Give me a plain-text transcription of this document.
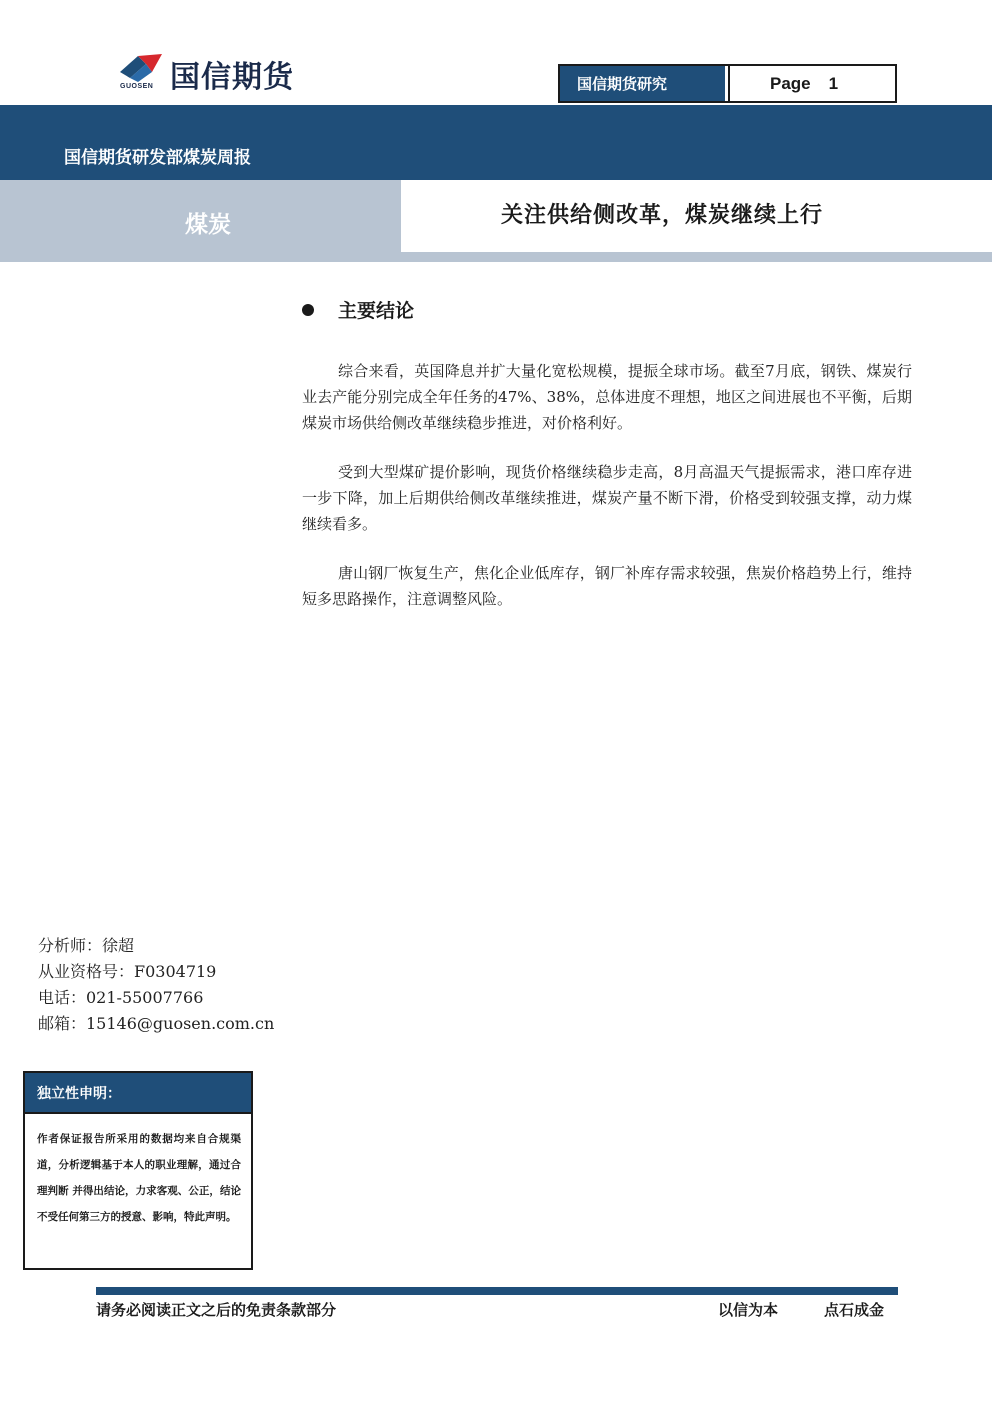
国信期货
GUOSEN	国信期货研究	Page 1
国信期货研发部煤炭周报
煤炭	关注供给侧改革，煤炭继续上行
2016年8月7日
主要结论

综合来看，英国降息并扩大量化宽松规模，提振全球市场。截至7月底，钢铁、煤炭行业去产能分别完成全年任务的47%、38%，总体进度不理想，地区之间进展也不平衡，后期煤炭市场供给侧改革继续稳步推进，对价格利好。

受到大型煤矿提价影响，现货价格继续稳步走高，8月高温天气提振需求，港口库存进一步下降，加上后期供给侧改革继续推进，煤炭产量不断下滑，价格受到较强支撑，动力煤继续看多。

唐山钢厂恢复生产，焦化企业低库存，钢厂补库存需求较强，焦炭价格趋势上行，维持短多思路操作，注意调整风险。

分析师：徐超
从业资格号：F0304719
电话：021-55007766
邮箱：15146@guosen.com.cn
独立性申明：
作者保证报告所采用的数据均来自合规渠道，分析逻辑基于本人的职业理解，通过合理判断 并得出结论，力求客观、公正，结论不受任何第三方的授意、影响，特此声明。
请务必阅读正文之后的免责条款部分	以信为本	点石成金
